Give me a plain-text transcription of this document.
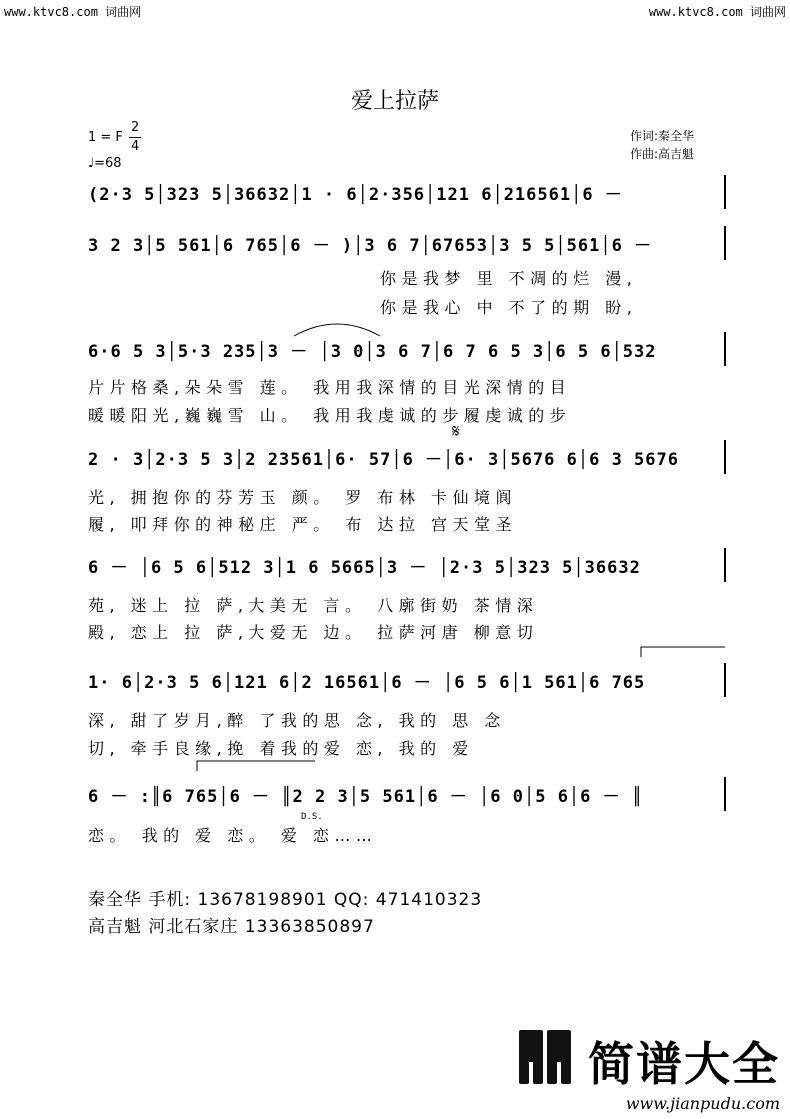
www.ktvc8.com 词曲网	www.ktvc8.com 词曲网
爱上拉萨
1 = F
2
4
♩=68
作词:秦全华
作曲:高吉魁
(2·3 5│323 5│36632│1 · 6│2·356│121 6│2̇1656̇1│6 －
3 2 3│5 561│6 765│6 － )│3 6 7│67653│3 5 5│56̇1│6 －
你是我梦 里 不凋的烂 漫,
你是我心 中 不了的期 盼,
6·6 5 3│5·3 235│3 － │3 0│3 6 7│6 7 6 5 3│6 5 6│532
片片格桑,朵朵雪 莲。 我用我深情的目光深情的目
暖暖阳光,巍巍雪 山。 我用我虔诚的步履虔诚的步
𝄋
2 · 3│2·3 5 3│2 23561│6· 57│6 －│6· 3│5676 6│6 3 5676
光, 拥抱你的芬芳玉 颜。 罗 布林 卡仙境阆
履, 叩拜你的神秘庄 严。 布 达拉 宫天堂圣
6 － │6 5 6│512 3│1 6 5665│3 － │2·3 5│323 5│36632
苑, 迷上 拉 萨,大美无 言。 八廓街奶 茶情深
殿, 恋上 拉 萨,大爱无 边。 拉萨河唐 柳意切
1· 6│2·3 5 6│121 6│2 16561│6 － │6 5 6│1 561│6 765
深, 甜了岁月,醉 了我的思 念, 我的 思 念
切, 牵手良缘,挽 着我的爱 恋, 我的 爱
6 － :║6 765│6 － ║2 2 3│5 561│6 － │6 0│5 6│6 － ║
D.S.
恋。 我的 爱 恋。 爱 恋……
秦全华 手机: 13678198901 QQ: 471410323
高吉魁 河北石家庄 13363850897

简谱大全
www.jianpudu.com
